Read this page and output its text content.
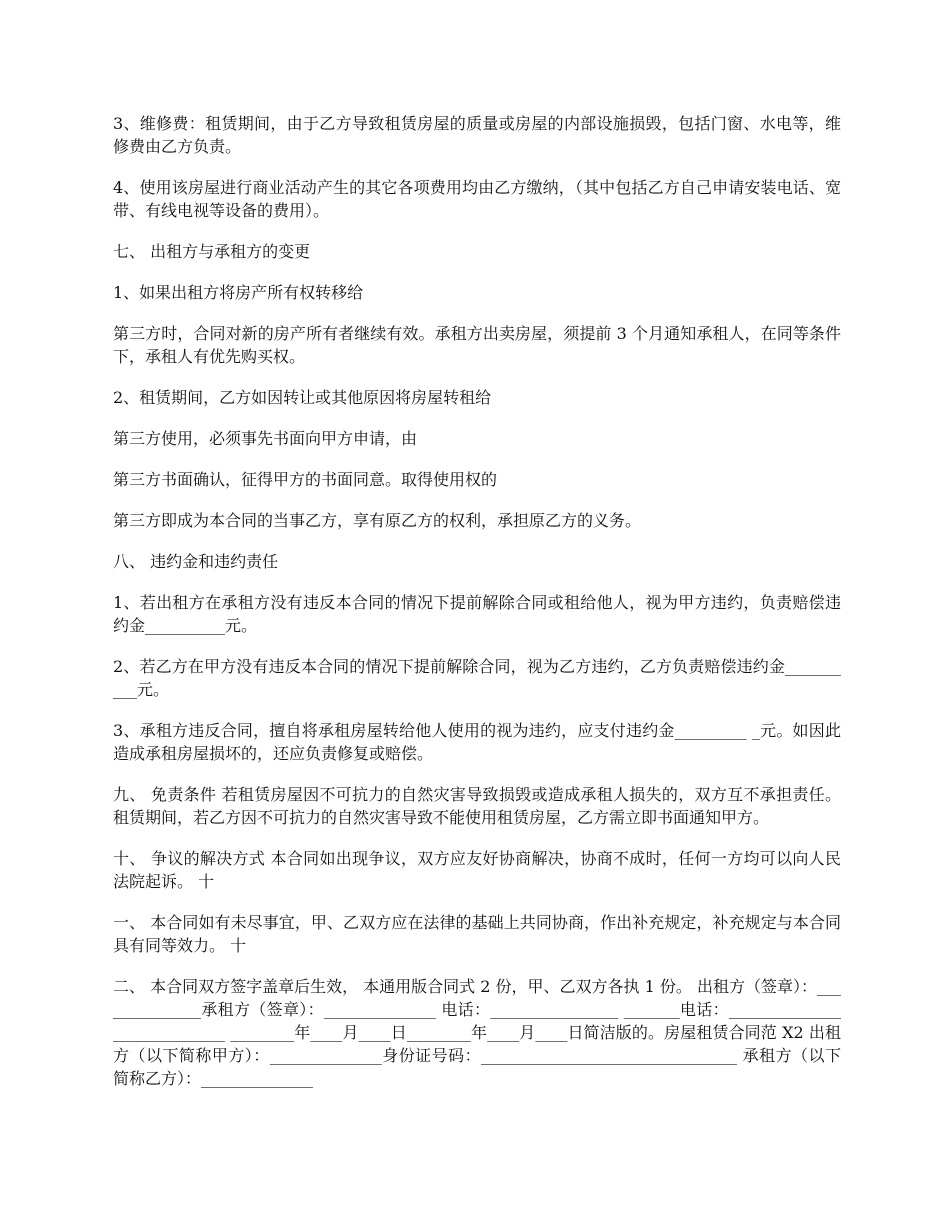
3、维修费：租赁期间，由于乙方导致租赁房屋的质量或房屋的内部设施损毁，包括门窗、水电等，维修费由乙方负责。

4、使用该房屋进行商业活动产生的其它各项费用均由乙方缴纳，（其中包括乙方自己申请安装电话、宽带、有线电视等设备的费用）。

七、 出租方与承租方的变更

1、如果出租方将房产所有权转移给

第三方时，合同对新的房产所有者继续有效。承租方出卖房屋，须提前 3 个月通知承租人，在同等条件下，承租人有优先购买权。

2、租赁期间，乙方如因转让或其他原因将房屋转租给

第三方使用，必须事先书面向甲方申请，由

第三方书面确认，征得甲方的书面同意。取得使用权的

第三方即成为本合同的当事乙方，享有原乙方的权利，承担原乙方的义务。

八、 违约金和违约责任

1、若出租方在承租方没有违反本合同的情况下提前解除合同或租给他人，视为甲方违约，负责赔偿违约金__________元。

2、若乙方在甲方没有违反本合同的情况下提前解除合同，视为乙方违约，乙方负责赔偿违约金__________元。

3、承租方违反合同，擅自将承租房屋转给他人使用的视为违约，应支付违约金_________ _元。如因此造成承租房屋损坏的，还应负责修复或赔偿。

九、 免责条件 若租赁房屋因不可抗力的自然灾害导致损毁或造成承租人损失的，双方互不承担责任。租赁期间，若乙方因不可抗力的自然灾害导致不能使用租赁房屋，乙方需立即书面通知甲方。

十、 争议的解决方式 本合同如出现争议，双方应友好协商解决，协商不成时，任何一方均可以向人民法院起诉。 十

一、 本合同如有未尽事宜，甲、乙双方应在法律的基础上共同协商，作出补充规定，补充规定与本合同具有同等效力。 十

二、 本合同双方签字盖章后生效， 本通用版合同式 2 份，甲、乙双方各执 1 份。 出租方（签章）：______________承租方（签章）：______________ 电话：________________ _______电话：____________________________ ________年____月____日________年____月____日简洁版的。房屋租赁合同范 X2 出租方（以下简称甲方）：______________身份证号码：________________________________ 承租方（以下简称乙方）：______________
